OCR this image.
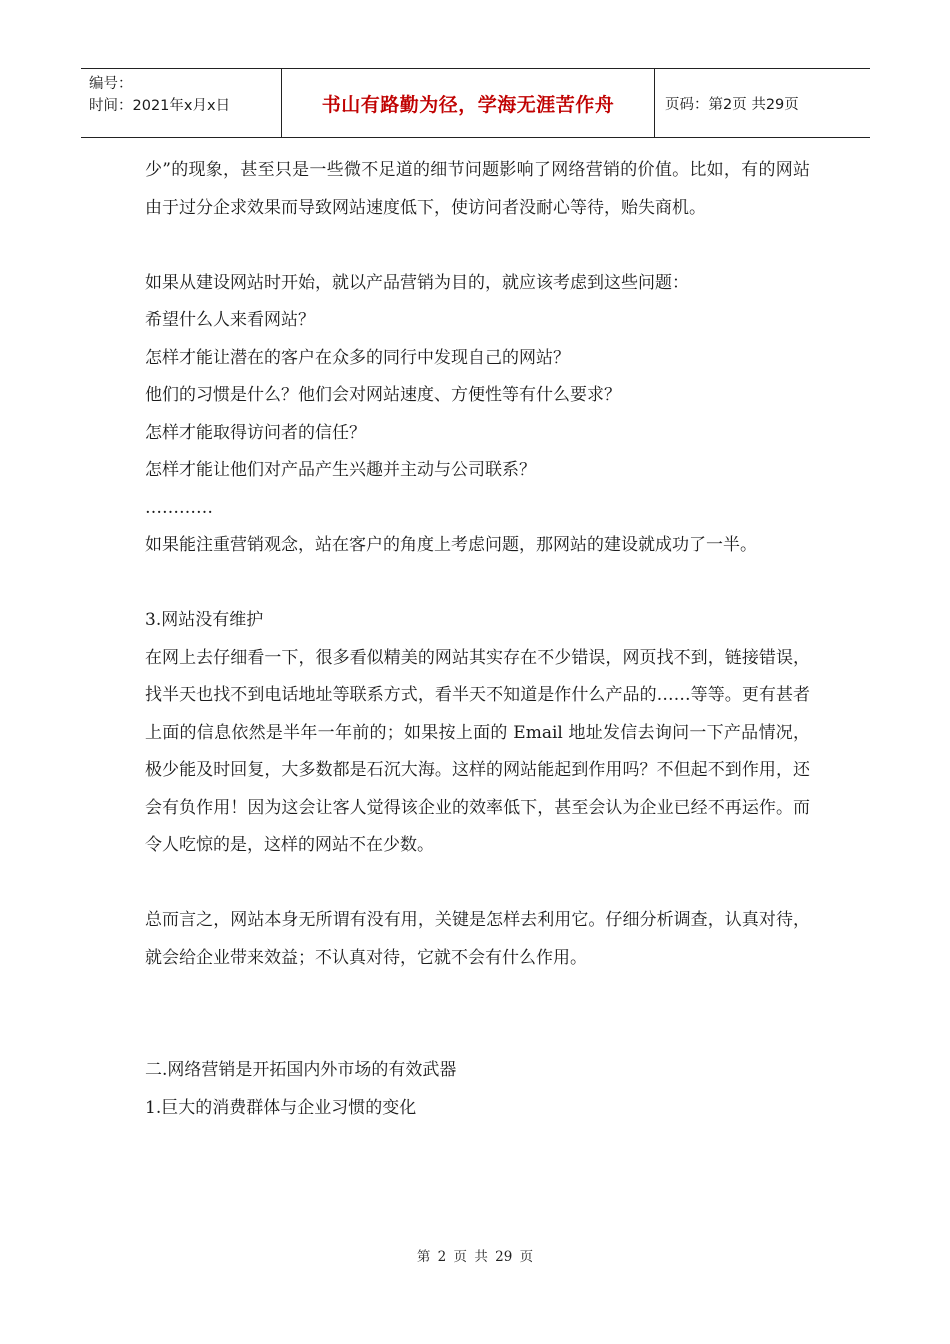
编号：
时间：2021年x月x日	书山有路勤为径，学海无涯苦作舟	页码：第2页 共29页

少”的现象，甚至只是一些微不足道的细节问题影响了网络营销的价值。比如，有的网站由于过分企求效果而导致网站速度低下，使访问者没耐心等待，贻失商机。

如果从建设网站时开始，就以产品营销为目的，就应该考虑到这些问题：

希望什么人来看网站？

怎样才能让潜在的客户在众多的同行中发现自己的网站？

他们的习惯是什么？他们会对网站速度、方便性等有什么要求？

怎样才能取得访问者的信任？

怎样才能让他们对产品产生兴趣并主动与公司联系？

…………

如果能注重营销观念，站在客户的角度上考虑问题，那网站的建设就成功了一半。

3.网站没有维护

在网上去仔细看一下，很多看似精美的网站其实存在不少错误，网页找不到，链接错误，找半天也找不到电话地址等联系方式，看半天不知道是作什么产品的……等等。更有甚者上面的信息依然是半年一年前的；如果按上面的 Email 地址发信去询问一下产品情况，极少能及时回复，大多数都是石沉大海。这样的网站能起到作用吗？不但起不到作用，还会有负作用！因为这会让客人觉得该企业的效率低下，甚至会认为企业已经不再运作。而令人吃惊的是，这样的网站不在少数。

总而言之，网站本身无所谓有没有用，关键是怎样去利用它。仔细分析调查，认真对待，就会给企业带来效益；不认真对待，它就不会有什么作用。

二.网络营销是开拓国内外市场的有效武器

1.巨大的消费群体与企业习惯的变化

第 2 页 共 29 页
